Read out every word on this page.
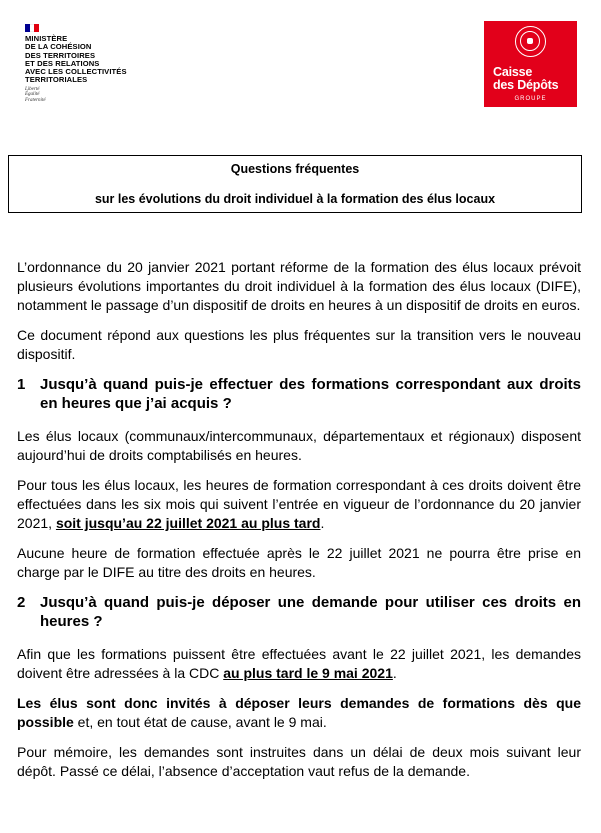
MINISTÈRE
DE LA COHÉSION
DES TERRITOIRES
ET DES RELATIONS
AVEC LES COLLECTIVITÉS
TERRITORIALES
Liberté
Égalité
Fraternité
Caisse
des Dépôts
GROUPE
Questions fréquentes
sur les évolutions du droit individuel à la formation des élus locaux

L’ordonnance du 20 janvier 2021 portant réforme de la formation des élus locaux prévoit plusieurs évolutions importantes du droit individuel à la formation des élus locaux (DIFE), notamment le passage d’un dispositif de droits en heures à un dispositif de droits en euros.

Ce document répond aux questions les plus fréquentes sur la transition vers le nouveau dispositif.

1 Jusqu’à quand puis-je effectuer des formations correspondant aux droits en heures que j’ai acquis ?

Les élus locaux (communaux/intercommunaux, départementaux et régionaux) disposent aujourd’hui de droits comptabilisés en heures.

Pour tous les élus locaux, les heures de formation correspondant à ces droits doivent être effectuées dans les six mois qui suivent l’entrée en vigueur de l’ordonnance du 20 janvier 2021, soit jusqu’au 22 juillet 2021 au plus tard.

Aucune heure de formation effectuée après le 22 juillet 2021 ne pourra être prise en charge par le DIFE au titre des droits en heures.

2 Jusqu’à quand puis-je déposer une demande pour utiliser ces droits en heures ?

Afin que les formations puissent être effectuées avant le 22 juillet 2021, les demandes doivent être adressées à la CDC au plus tard le 9 mai 2021.

Les élus sont donc invités à déposer leurs demandes de formations dès que possible et, en tout état de cause, avant le 9 mai.

Pour mémoire, les demandes sont instruites dans un délai de deux mois suivant leur dépôt. Passé ce délai, l’absence d’acceptation vaut refus de la demande.
